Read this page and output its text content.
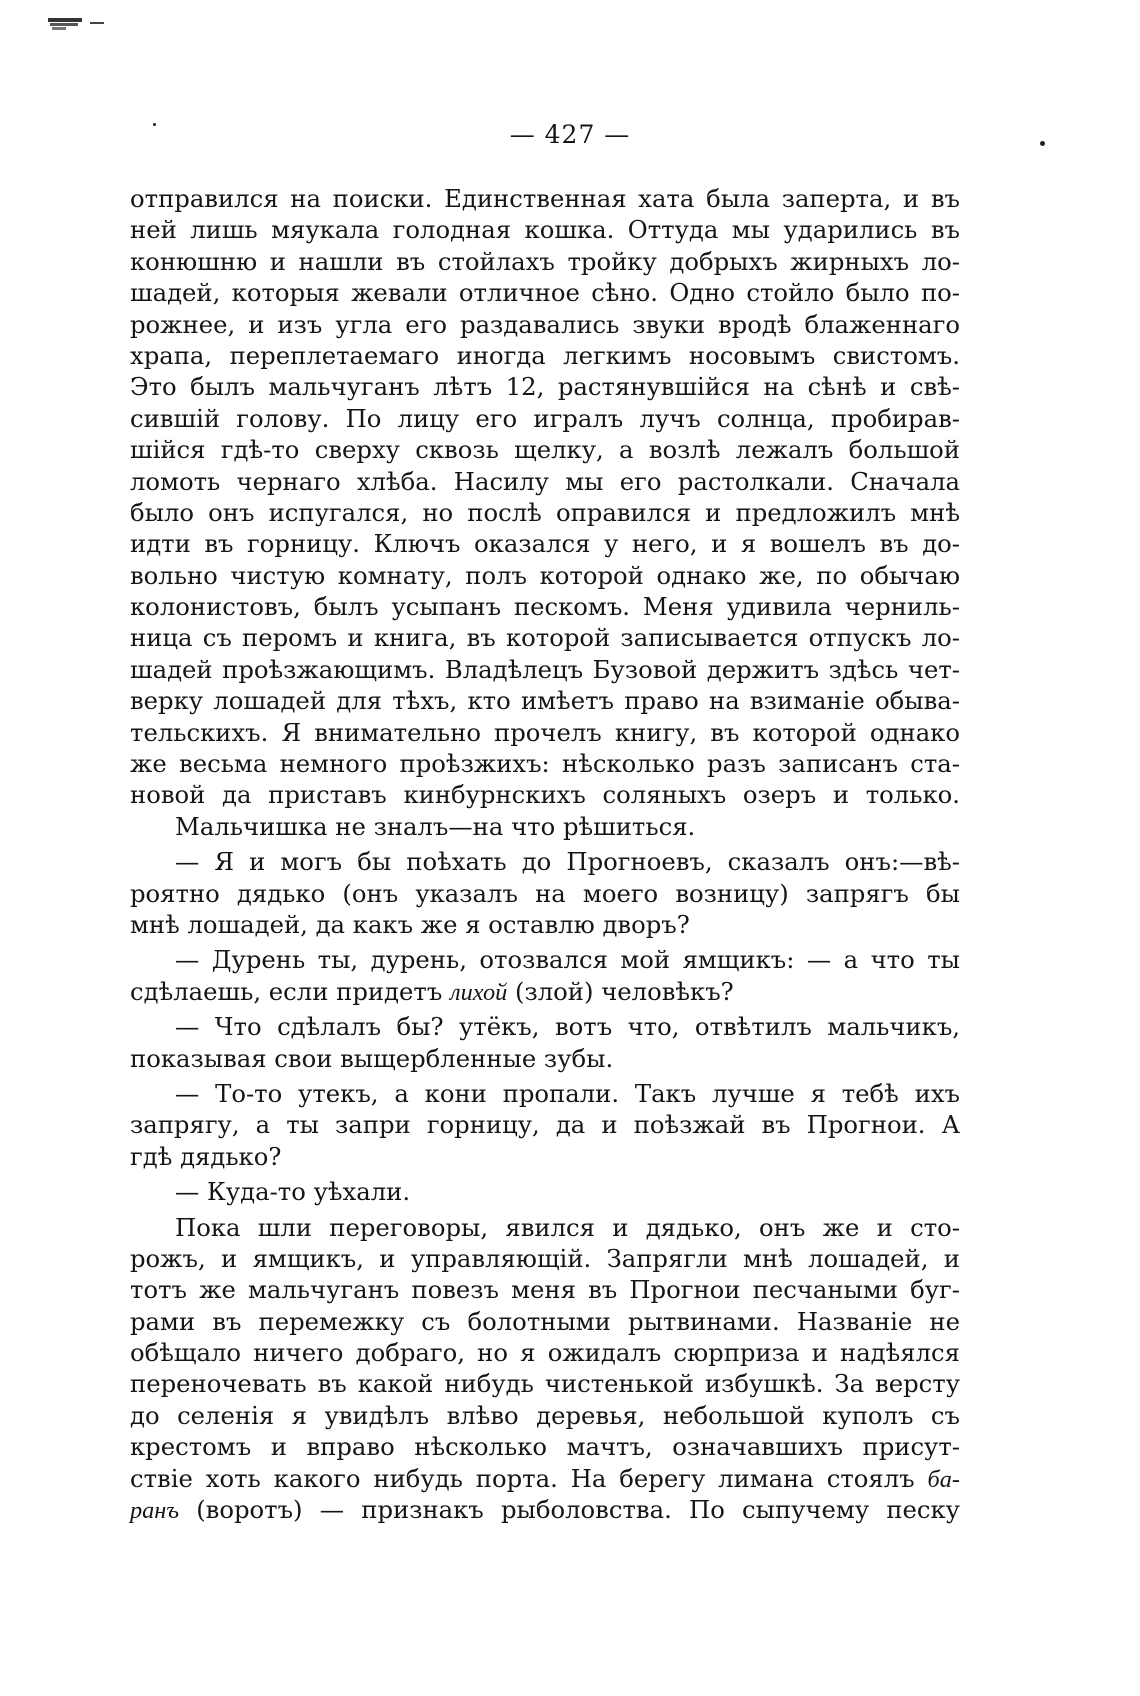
— 427 —
отправился на поиски. Единственная хата была заперта, и въ
ней лишь мяукала голодная кошка. Оттуда мы ударились въ
конюшню и нашли въ стойлахъ тройку добрыхъ жирныхъ ло-
шадей, которыя жевали отличное сѣно. Одно стойло было по-
рожнее, и изъ угла его раздавались звуки вродѣ блаженнаго
храпа, переплетаемаго иногда легкимъ носовымъ свистомъ.
Это былъ мальчуганъ лѣтъ 12, растянувшійся на сѣнѣ и свѣ-
сившій голову. По лицу его игралъ лучъ солнца, пробирав-
шійся гдѣ-то сверху сквозь щелку, а возлѣ лежалъ большой
ломоть чернаго хлѣба. Насилу мы его растолкали. Сначала
было онъ испугался, но послѣ оправился и предложилъ мнѣ
идти въ горницу. Ключъ оказался у него, и я вошелъ въ до-
вольно чистую комнату, полъ которой однако же, по обычаю
колонистовъ, былъ усыпанъ пескомъ. Меня удивила черниль-
ница съ перомъ и книга, въ которой записывается отпускъ ло-
шадей проѣзжающимъ. Владѣлецъ Бузовой держитъ здѣсь чет-
верку лошадей для тѣхъ, кто имѣетъ право на взиманіе обыва-
тельскихъ. Я внимательно прочелъ книгу, въ которой однако
же весьма немного проѣзжихъ: нѣсколько разъ записанъ ста-
новой да приставъ кинбурнскихъ соляныхъ озеръ и только.
Мальчишка не зналъ—на что рѣшиться.
— Я и могъ бы поѣхать до Прогноевъ, сказалъ онъ:—вѣ-
роятно дядько (онъ указалъ на моего возницу) запрягъ бы
мнѣ лошадей, да какъ же я оставлю дворъ?
— Дурень ты, дурень, отозвался мой ямщикъ: — а что ты
сдѣлаешь, если придетъ лихой (злой) человѣкъ?
— Что сдѣлалъ бы? утёкъ, вотъ что, отвѣтилъ мальчикъ,
показывая свои выщербленные зубы.
— То-то утекъ, а кони пропали. Такъ лучше я тебѣ ихъ
запрягу, а ты запри горницу, да и поѣзжай въ Прогнои. А
гдѣ дядько?
— Куда-то уѣхали.
Пока шли переговоры, явился и дядько, онъ же и сто-
рожъ, и ямщикъ, и управляющій. Запрягли мнѣ лошадей, и
тотъ же мальчуганъ повезъ меня въ Прогнои песчаными буг-
рами въ перемежку съ болотными рытвинами. Названіе не
обѣщало ничего добраго, но я ожидалъ сюрприза и надѣялся
переночевать въ какой нибудь чистенькой избушкѣ. За версту
до селенія я увидѣлъ влѣво деревья, небольшой куполъ съ
крестомъ и вправо нѣсколько мачтъ, означавшихъ присут-
ствіе хоть какого нибудь порта. На берегу лимана стоялъ ба-
ранъ (воротъ) — признакъ рыболовства. По сыпучему песку
